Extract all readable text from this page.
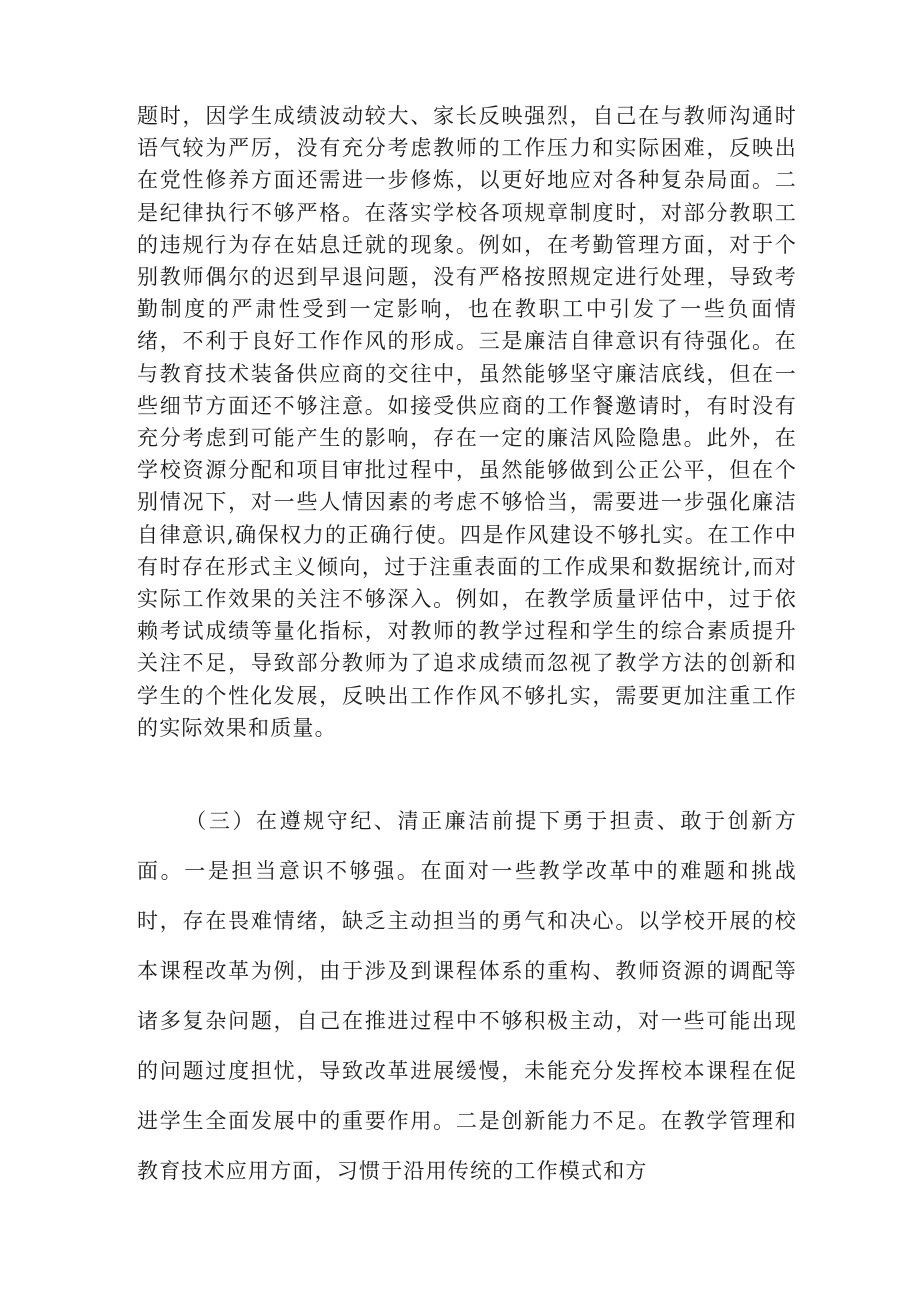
题时，因学生成绩波动较大、家长反映强烈，自己在与教师沟通时语气较为严厉，没有充分考虑教师的工作压力和实际困难，反映出在党性修养方面还需进一步修炼，以更好地应对各种复杂局面。二是纪律执行不够严格。在落实学校各项规章制度时，对部分教职工的违规行为存在姑息迁就的现象。例如，在考勤管理方面，对于个别教师偶尔的迟到早退问题，没有严格按照规定进行处理，导致考勤制度的严肃性受到一定影响，也在教职工中引发了一些负面情绪，不利于良好工作作风的形成。三是廉洁自律意识有待强化。在与教育技术装备供应商的交往中，虽然能够坚守廉洁底线，但在一些细节方面还不够注意。如接受供应商的工作餐邀请时，有时没有充分考虑到可能产生的影响，存在一定的廉洁风险隐患。此外，在学校资源分配和项目审批过程中，虽然能够做到公正公平，但在个别情况下，对一些人情因素的考虑不够恰当，需要进一步强化廉洁自律意识,确保权力的正确行使。四是作风建设不够扎实。在工作中有时存在形式主义倾向，过于注重表面的工作成果和数据统计,而对实际工作效果的关注不够深入。例如，在教学质量评估中，过于依赖考试成绩等量化指标，对教师的教学过程和学生的综合素质提升关注不足，导致部分教师为了追求成绩而忽视了教学方法的创新和学生的个性化发展，反映出工作作风不够扎实，需要更加注重工作的实际效果和质量。

（三）在遵规守纪、清正廉洁前提下勇于担责、敢于创新方面。一是担当意识不够强。在面对一些教学改革中的难题和挑战时，存在畏难情绪，缺乏主动担当的勇气和决心。以学校开展的校本课程改革为例，由于涉及到课程体系的重构、教师资源的调配等诸多复杂问题，自己在推进过程中不够积极主动，对一些可能出现的问题过度担忧，导致改革进展缓慢，未能充分发挥校本课程在促进学生全面发展中的重要作用。二是创新能力不足。在教学管理和教育技术应用方面，习惯于沿用传统的工作模式和方
